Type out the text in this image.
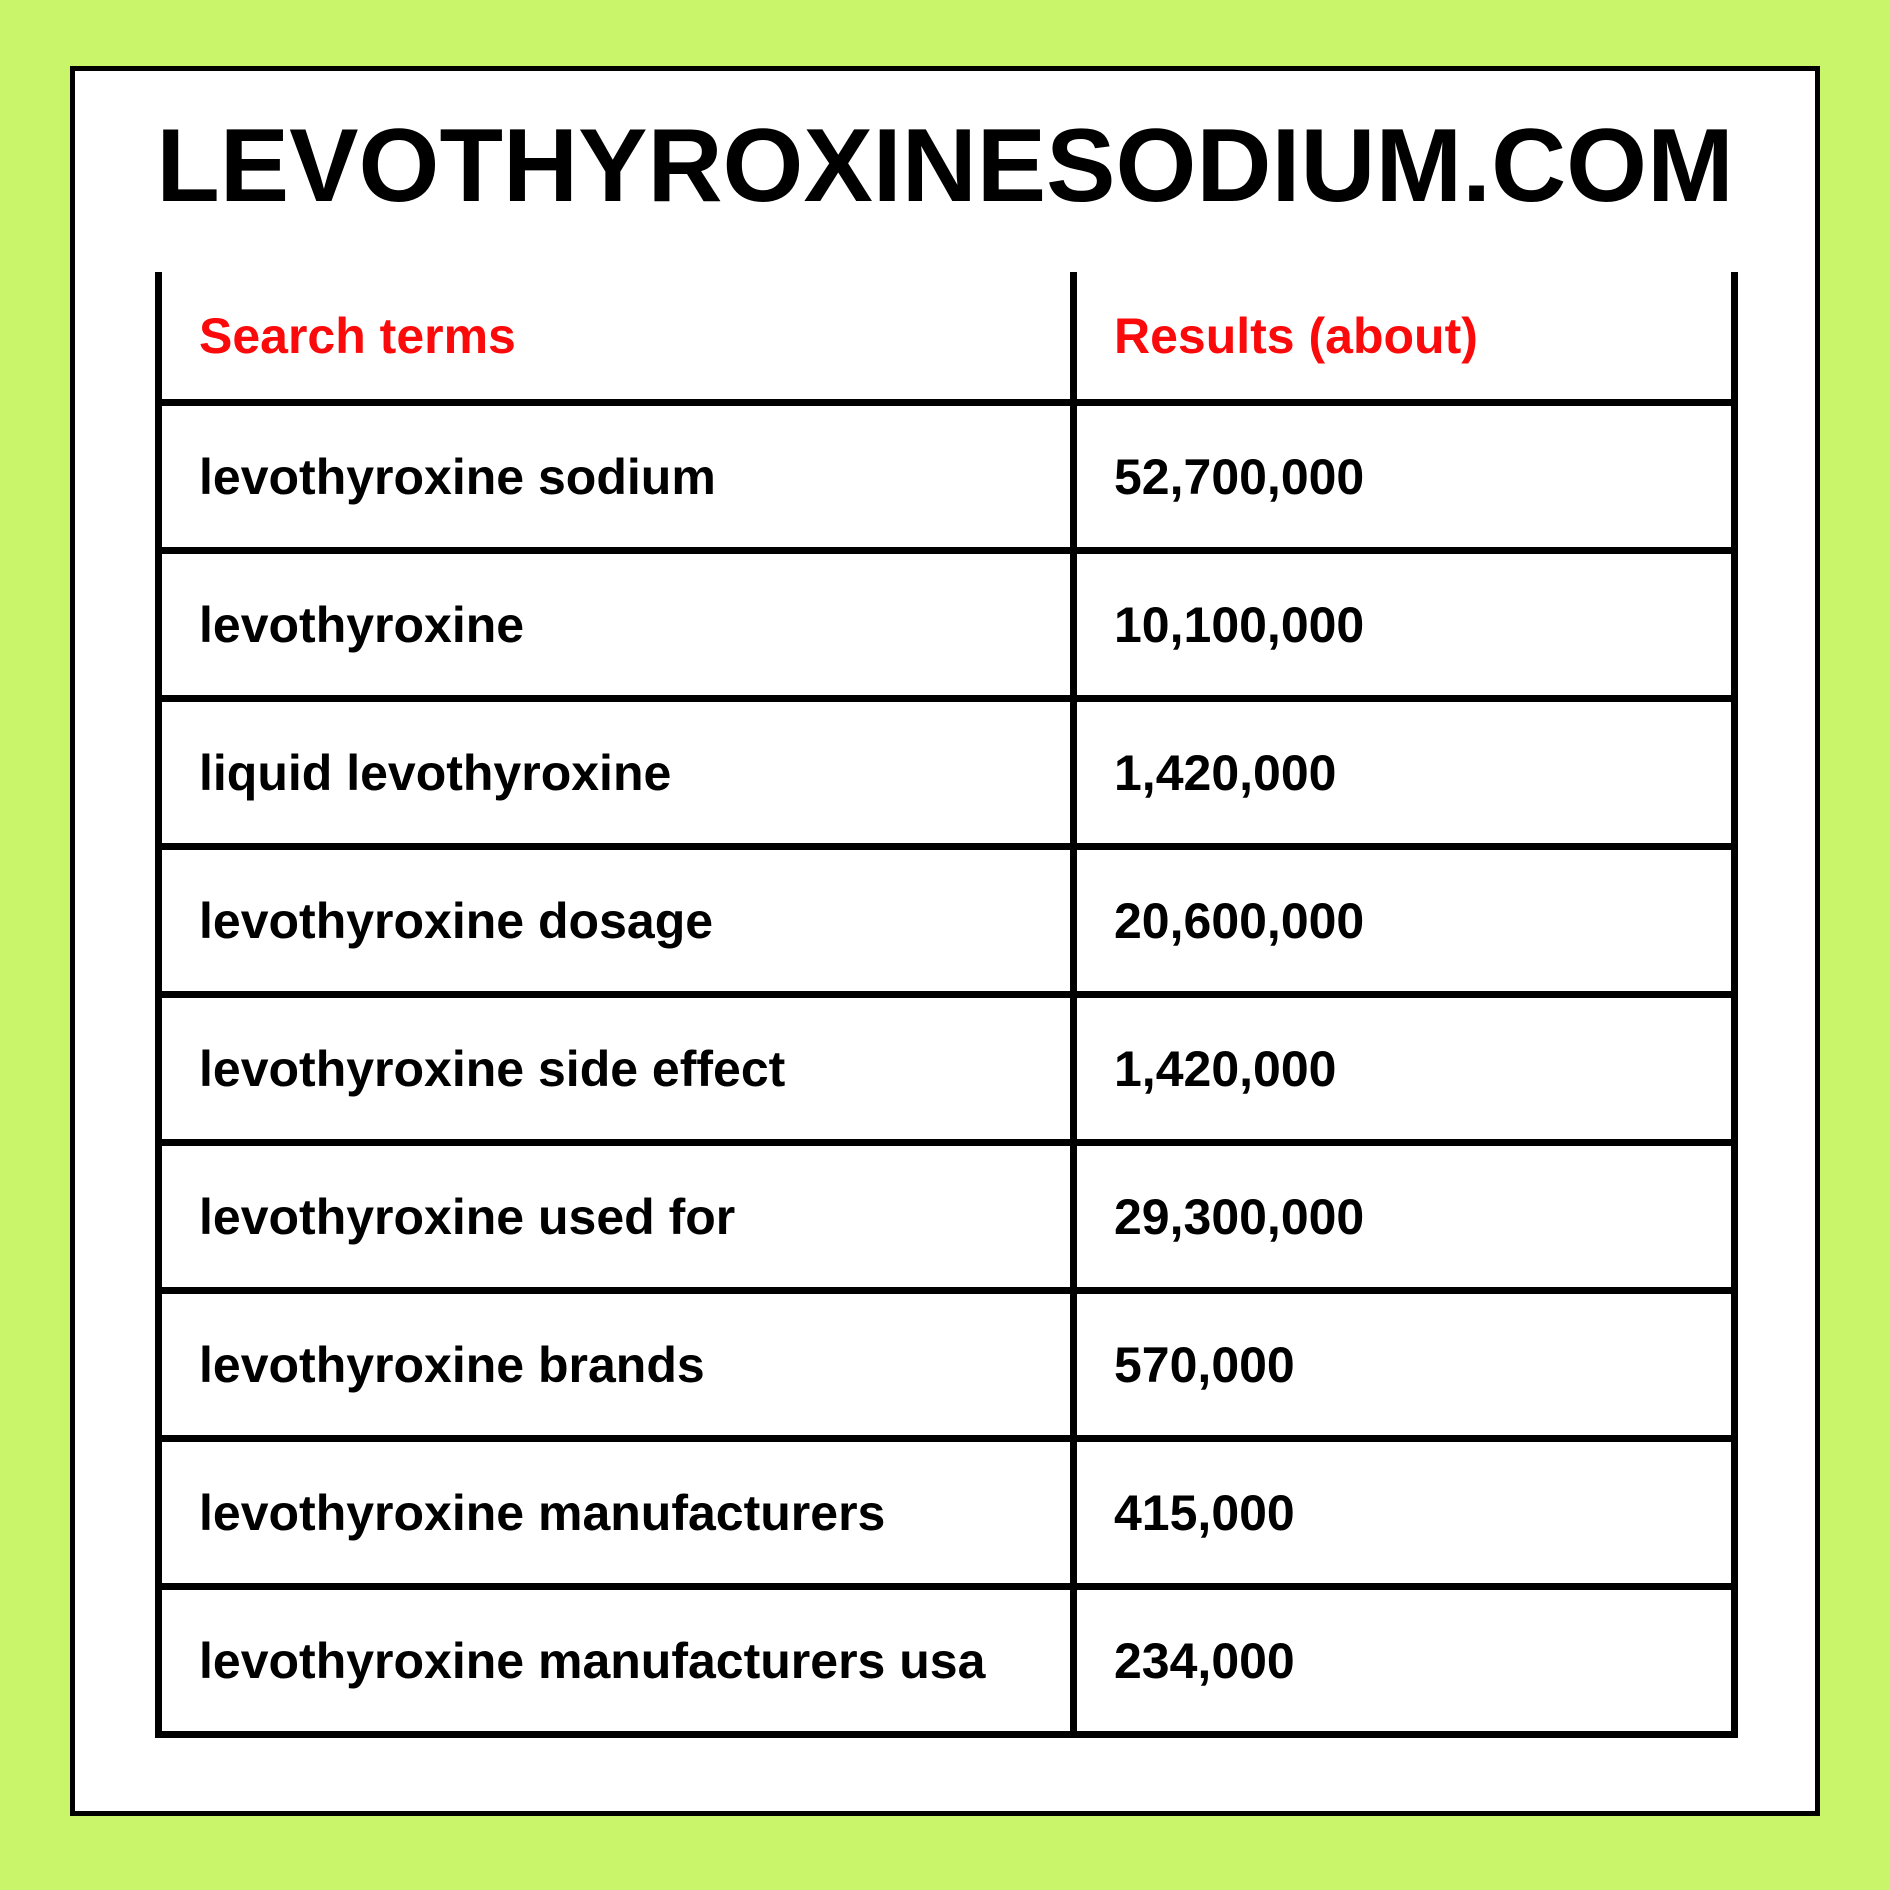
LEVOTHYROXINESODIUM.COM
Search terms	Results (about)
levothyroxine sodium	52,700,000
levothyroxine	10,100,000
liquid levothyroxine	1,420,000
levothyroxine dosage	20,600,000
levothyroxine side effect	1,420,000
levothyroxine used for	29,300,000
levothyroxine brands	570,000
levothyroxine manufacturers	415,000
levothyroxine manufacturers usa	234,000
